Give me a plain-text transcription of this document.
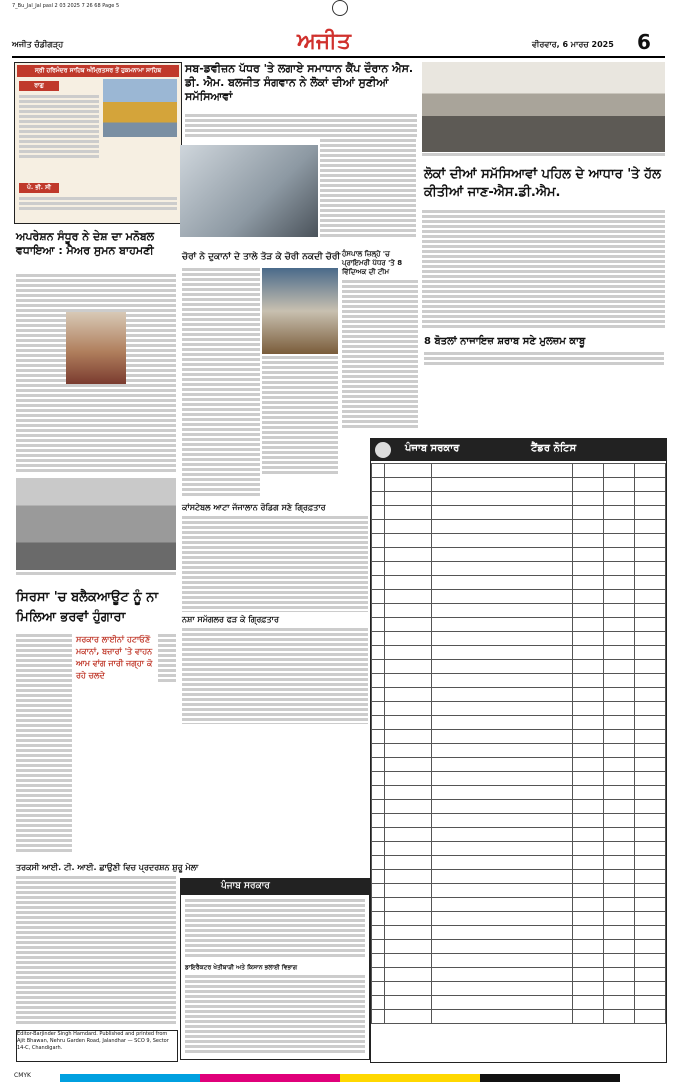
7_Bu_Jal_Jal pasl 2 03 2025 7 26 68 Page 5
ਅਜੀਤ ਚੰਡੀਗੜ੍ਹ	ਅਜੀਤ	ਵੀਰਵਾਰ, 6 ਮਾਰਚ 2025 6
ਸ੍ਰੀ ਹਰਿਮੰਦਰ ਸਾਹਿਬ ਅੰਮ੍ਰਿਤਸਰ ਤੋਂ ਹੁਕਮਨਾਮਾ ਸਾਹਿਬ
ਰਾਗੁ
ਪੰ. ਭੀ. ਸੀ
ਸਬ-ਡਵੀਜ਼ਨ ਪੱਧਰ 'ਤੇ ਲਗਾਏ ਸਮਾਧਾਨ ਕੈਂਪ ਦੌਰਾਨ ਐਸ. ਡੀ. ਐਮ. ਬਲਜੀਤ ਸੰਗਵਾਨ ਨੇ ਲੋਕਾਂ ਦੀਆਂ ਸੁਣੀਆਂ ਸਮੱਸਿਆਵਾਂ
ਲੋਕਾਂ ਦੀਆਂ ਸਮੱਸਿਆਵਾਂ ਪਹਿਲ ਦੇ ਆਧਾਰ 'ਤੇ ਹੱਲ ਕੀਤੀਆਂ ਜਾਣ-ਐਸ.ਡੀ.ਐਮ.
ਅਪਰੇਸ਼ਨ ਸੰਧੂਰ ਨੇ ਦੇਸ਼ ਦਾ ਮਨੋਬਲ ਵਧਾਇਆ : ਮੈਅਰ ਸੁਮਨ ਬਾਹਮਣੀ	ਚੋਰਾਂ ਨੇ ਦੁਕਾਨਾਂ ਦੇ ਤਾਲੇ ਤੋੜ ਕੇ ਚੋਰੀ ਨਕਦੀ ਚੋਰੀ ਹੰਸਪਾਲ ਜ਼ਿਲ੍ਹੇ 'ਚ ਪ੍ਰਾਇਮਰੀ ਪੱਧਰ 'ਤੇ 8 ਵਿੱਦਿਅਕ ਦੀ ਟੀਮ
8 ਬੋਤਲਾਂ ਨਾਜਾਇਜ਼ ਸ਼ਰਾਬ ਸਣੇ ਮੁਲਜ਼ਮ ਕਾਬੂ
ਪੰਜਾਬ ਸਰਕਾਰ	ਟੈਂਡਰ ਨੋਟਿਸ

ਸਿਰਸਾ 'ਚ ਬਲੈਕਆਊਟ ਨੂੰ ਨਾ ਮਿਲਿਆ ਭਰਵਾਂ ਹੁੰਗਾਰਾ
ਸਰਕਾਰ ਲਾਈਨਾਂ ਹਟਾਓਣੋਂ ਮਕਾਨਾਂ, ਬਜ਼ਾਰਾਂ 'ਤੇ ਵਾਹਨ ਆਮ ਵਾਂਗ ਜਾਰੀ ਜਗ੍ਹਾ ਕੋ ਰਹੇ ਚਲਦੇ
ਕਾਂਸਟੇਬਲ ਆਟਾ ਜੱਜਾਲਾਨ ਰੋਡਿਗ ਸਣੇ ਗ੍ਰਿਫ਼ਤਾਰ
ਨਸ਼ਾ ਸਮੱਗਲਰ ਫੜ ਕੇ ਗ੍ਰਿਫ਼ਤਾਰ
ਤਰਕਸੀ ਆਈ. ਟੀ. ਆਈ. ਛਾਉਣੀ ਵਿਚ ਪ੍ਰਦਰਸ਼ਨ ਸ਼ੁਰੂ ਮੇਲਾ
ਪੰਜਾਬ ਸਰਕਾਰ
ਡਾਇਰੈਕਟਰ ਖੇਤੀਬਾੜੀ ਅਤੇ ਕਿਸਾਨ ਭਲਾਈ ਵਿਭਾਗ
Editor-Barjinder Singh Hamdard. Published and printed from Ajit Bhawan, Nehru Garden Road, Jalandhar — SCO 9, Sector 14-C, Chandigarh.
CMYK
